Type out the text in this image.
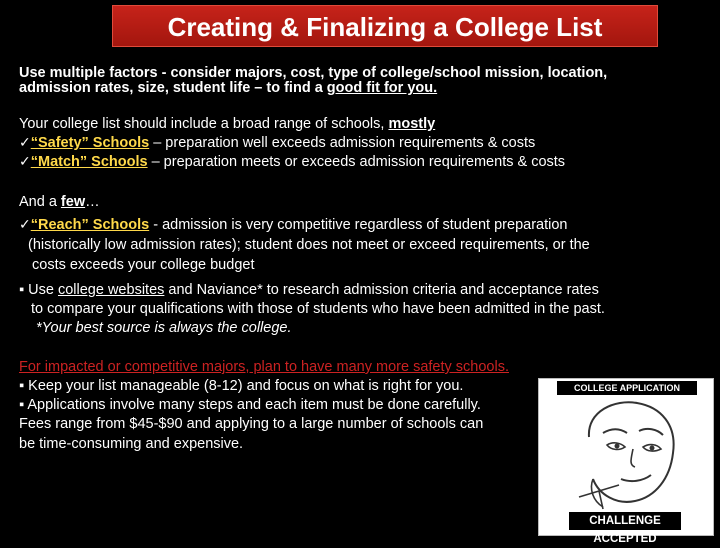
Creating & Finalizing a College List
Use multiple factors - consider majors, cost, type of college/school mission, location,
admission rates, size, student life – to find a good fit for you.
Your college list should include a broad range of schools, mostly
✓“Safety” Schools – preparation well exceeds admission requirements & costs
✓“Match” Schools – preparation meets or exceeds admission requirements & costs
And a few…
✓“Reach” Schools - admission is very competitive regardless of student preparation
(historically low admission rates); student does not meet or exceed requirements, or the
costs exceeds your college budget
▪ Use college websites and Naviance* to research admission criteria and acceptance rates
to compare your qualifications with those of students who have been admitted in the past.
*Your best source is always the college.
For impacted or competitive majors, plan to have many more safety schools.
▪ Keep your list manageable (8-12) and focus on what is right for you.
▪ Applications involve many steps and each item must be done carefully.
Fees range from $45-$90 and applying to a large number of schools can
be time-consuming and expensive.
COLLEGE APPLICATION SEASON?
CHALLENGE ACCEPTED
